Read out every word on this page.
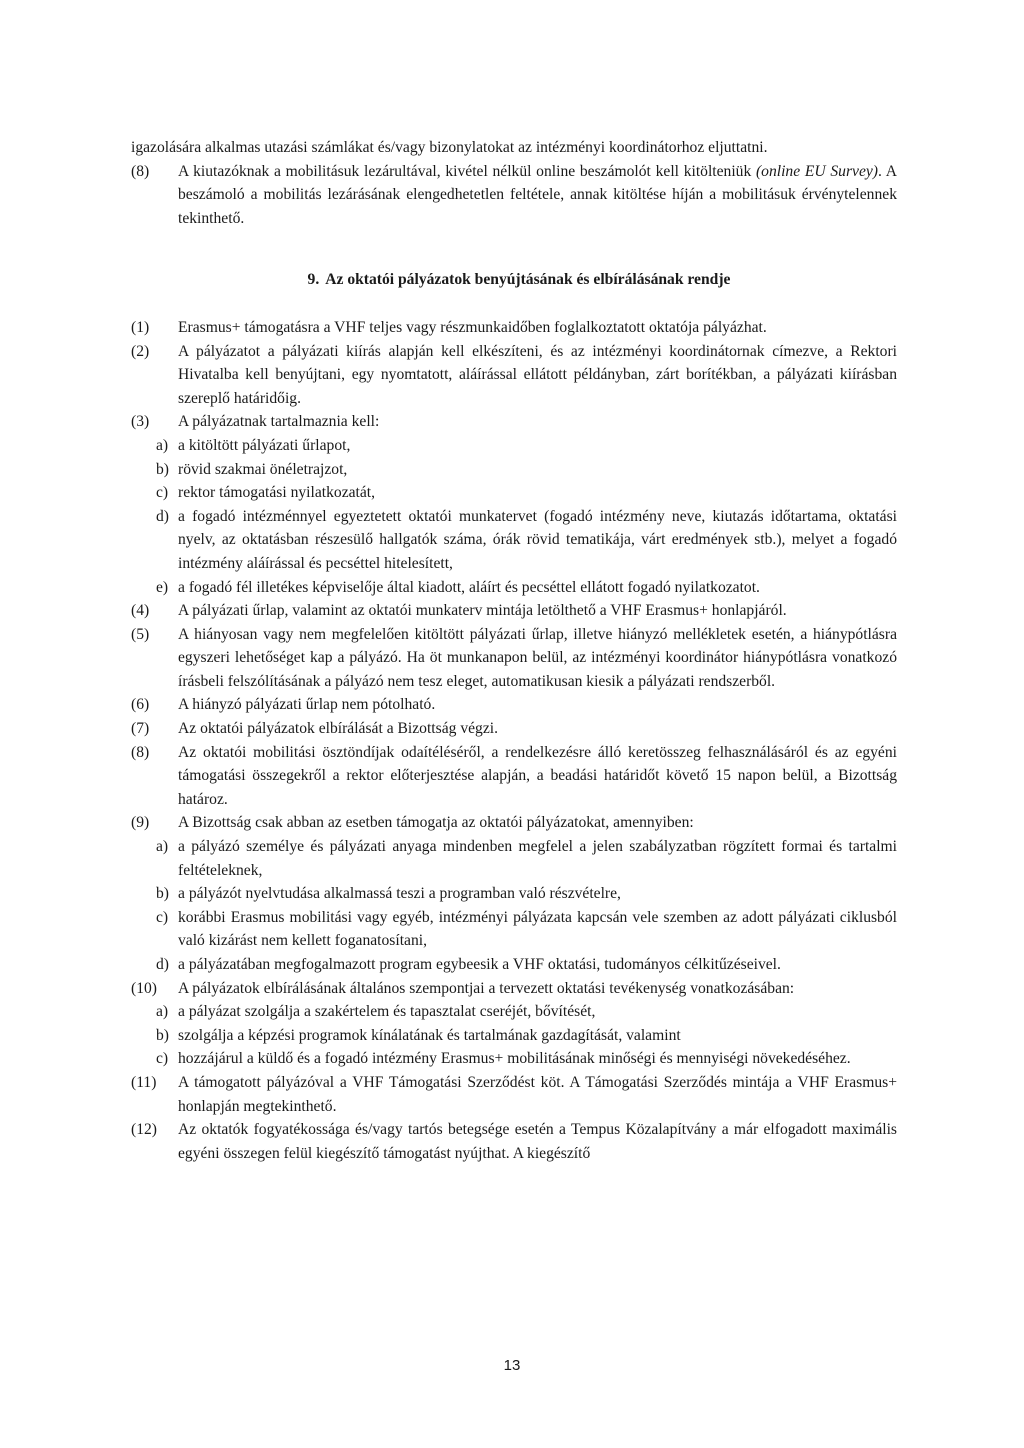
igazolására alkalmas utazási számlákat és/vagy bizonylatokat az intézményi koordinátorhoz eljuttatni.

(8) A kiutazóknak a mobilitásuk lezárultával, kivétel nélkül online beszámolót kell kitölteniük (online EU Survey). A beszámoló a mobilitás lezárásának elengedhetetlen feltétele, annak kitöltése híján a mobilitásuk érvénytelennek tekinthető.

9. Az oktatói pályázatok benyújtásának és elbírálásának rendje

(1) Erasmus+ támogatásra a VHF teljes vagy részmunkaidőben foglalkoztatott oktatója pályázhat.

(2) A pályázatot a pályázati kiírás alapján kell elkészíteni, és az intézményi koordinátornak címezve, a Rektori Hivatalba kell benyújtani, egy nyomtatott, aláírással ellátott példányban, zárt borítékban, a pályázati kiírásban szereplő határidőig.

(3) A pályázatnak tartalmaznia kell:

a) a kitöltött pályázati űrlapot,

b) rövid szakmai önéletrajzot,

c) rektor támogatási nyilatkozatát,

d) a fogadó intézménnyel egyeztetett oktatói munkatervet (fogadó intézmény neve, kiutazás időtartama, oktatási nyelv, az oktatásban részesülő hallgatók száma, órák rövid tematikája, várt eredmények stb.), melyet a fogadó intézmény aláírással és pecséttel hitelesített,

e) a fogadó fél illetékes képviselője által kiadott, aláírt és pecséttel ellátott fogadó nyilatkozatot.

(4) A pályázati űrlap, valamint az oktatói munkaterv mintája letölthető a VHF Erasmus+ honlapjáról.

(5) A hiányosan vagy nem megfelelően kitöltött pályázati űrlap, illetve hiányzó mellékletek esetén, a hiánypótlásra egyszeri lehetőséget kap a pályázó. Ha öt munkanapon belül, az intézményi koordinátor hiánypótlásra vonatkozó írásbeli felszólításának a pályázó nem tesz eleget, automatikusan kiesik a pályázati rendszerből.

(6) A hiányzó pályázati űrlap nem pótolható.

(7) Az oktatói pályázatok elbírálását a Bizottság végzi.

(8) Az oktatói mobilitási ösztöndíjak odaítéléséről, a rendelkezésre álló keretösszeg felhasználásáról és az egyéni támogatási összegekről a rektor előterjesztése alapján, a beadási határidőt követő 15 napon belül, a Bizottság határoz.

(9) A Bizottság csak abban az esetben támogatja az oktatói pályázatokat, amennyiben:

a) a pályázó személye és pályázati anyaga mindenben megfelel a jelen szabályzatban rögzített formai és tartalmi feltételeknek,

b) a pályázót nyelvtudása alkalmassá teszi a programban való részvételre,

c) korábbi Erasmus mobilitási vagy egyéb, intézményi pályázata kapcsán vele szemben az adott pályázati ciklusból való kizárást nem kellett foganatosítani,

d) a pályázatában megfogalmazott program egybeesik a VHF oktatási, tudományos célkitűzéseivel.

(10) A pályázatok elbírálásának általános szempontjai a tervezett oktatási tevékenység vonatkozásában:

a) a pályázat szolgálja a szakértelem és tapasztalat cseréjét, bővítését,

b) szolgálja a képzési programok kínálatának és tartalmának gazdagítását, valamint

c) hozzájárul a küldő és a fogadó intézmény Erasmus+ mobilitásának minőségi és mennyiségi növekedéséhez.

(11) A támogatott pályázóval a VHF Támogatási Szerződést köt. A Támogatási Szerződés mintája a VHF Erasmus+ honlapján megtekinthető.

(12) Az oktatók fogyatékossága és/vagy tartós betegsége esetén a Tempus Közalapítvány a már elfogadott maximális egyéni összegen felül kiegészítő támogatást nyújthat. A kiegészítő

13
